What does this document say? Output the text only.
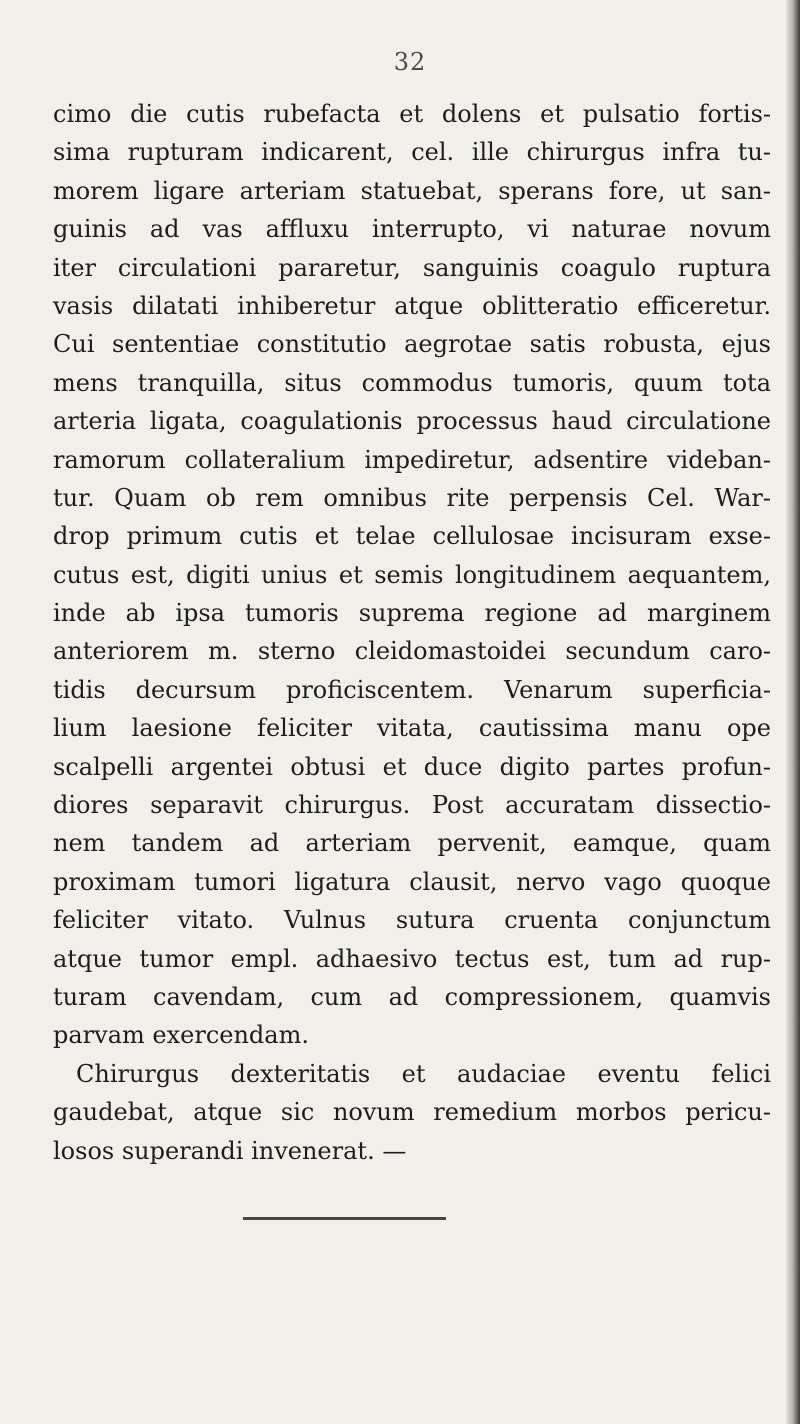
32
cimo die cutis rubefacta et dolens et pulsatio fortis-
sima rupturam indicarent, cel. ille chirurgus infra tu-
morem ligare arteriam statuebat, sperans fore, ut san-
guinis ad vas affluxu interrupto, vi naturae novum
iter circulationi pararetur, sanguinis coagulo ruptura
vasis dilatati inhiberetur atque oblitteratio efficeretur.
Cui sententiae constitutio aegrotae satis robusta, ejus
mens tranquilla, situs commodus tumoris, quum tota
arteria ligata, coagulationis processus haud circulatione
ramorum collateralium impediretur, adsentire videban-
tur. Quam ob rem omnibus rite perpensis Cel. War-
drop primum cutis et telae cellulosae incisuram exse-
cutus est, digiti unius et semis longitudinem aequantem,
inde ab ipsa tumoris suprema regione ad marginem
anteriorem m. sterno cleidomastoidei secundum caro-
tidis decursum proficiscentem. Venarum superficia-
lium laesione feliciter vitata, cautissima manu ope
scalpelli argentei obtusi et duce digito partes profun-
diores separavit chirurgus. Post accuratam dissectio-
nem tandem ad arteriam pervenit, eamque, quam
proximam tumori ligatura clausit, nervo vago quoque
feliciter vitato. Vulnus sutura cruenta conjunctum
atque tumor empl. adhaesivo tectus est, tum ad rup-
turam cavendam, cum ad compressionem, quamvis
parvam exercendam.
Chirurgus dexteritatis et audaciae eventu felici
gaudebat, atque sic novum remedium morbos pericu-
losos superandi invenerat. —
